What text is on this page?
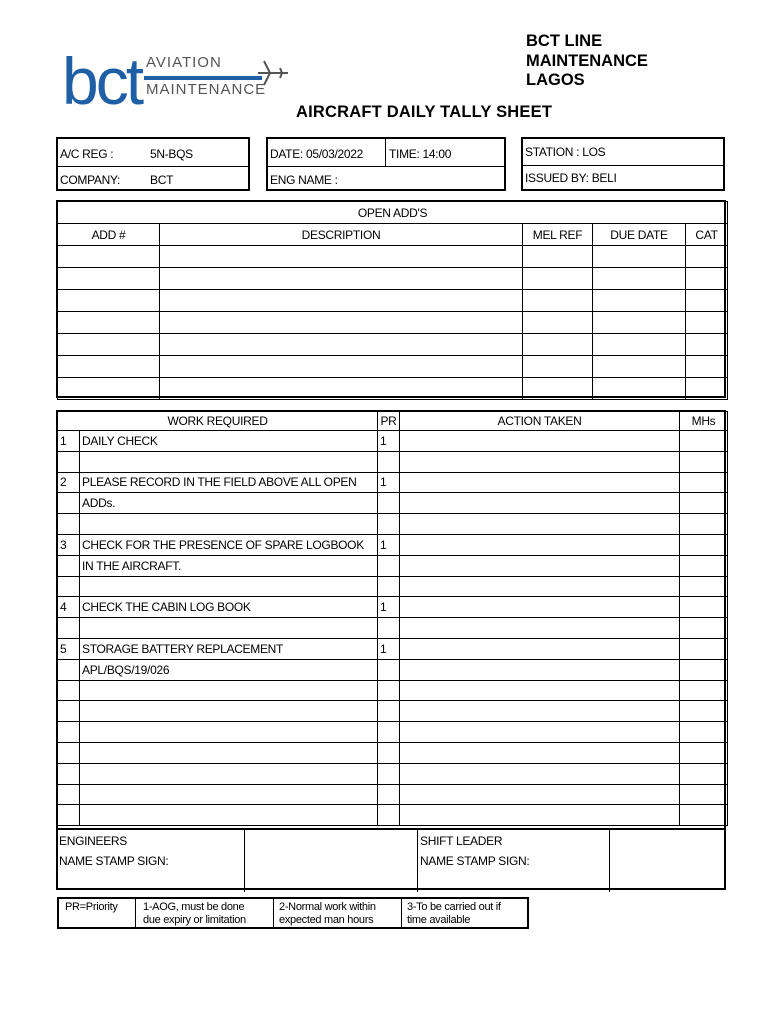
bct AVIATION
MAINTENANCE
BCT LINE
MAINTENANCE
LAGOS
AIRCRAFT DAILY TALLY SHEET
A/C REG :	5N-BQS
COMPANY: BCT
DATE: 05/03/2022 TIME: 14:00
ENG NAME :
STATION : LOS
ISSUED BY: BELI
OPEN ADD'S				
ADD #	DESCRIPTION	MEL REF	DUE DATE	CAT

WORK REQUIRED		PR	ACTION TAKEN	MHs
1	DAILY CHECK	1		

2	PLEASE RECORD IN THE FIELD ABOVE ALL OPEN	1		
	ADDs.			

3	CHECK FOR THE PRESENCE OF SPARE LOGBOOK	1		
	IN THE AIRCRAFT.			

4	CHECK THE CABIN LOG BOOK	1		

5	STORAGE BATTERY REPLACEMENT	1		
	APL/BQS/19/026			

ENGINEERS
NAME STAMP SIGN:
SHIFT LEADER
NAME STAMP SIGN:
PR=Priority 1-AOG, must be done
due expiry or limitation
2-Normal work within
expected man hours
3-To be carried out if
time available
